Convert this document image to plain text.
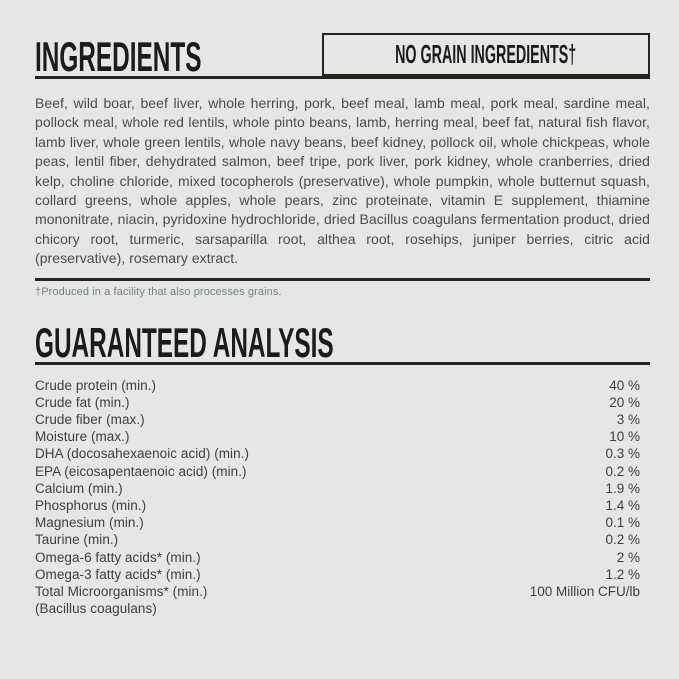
INGREDIENTS	NO GRAIN INGREDIENTS†
Beef, wild boar, beef liver, whole herring, pork, beef meal, lamb meal, pork meal, sardine meal, pollock meal, whole red lentils, whole pinto beans, lamb, herring meal, beef fat, natural fish flavor, lamb liver, whole green lentils, whole navy beans, beef kidney, pollock oil, whole chickpeas, whole peas, lentil fiber, dehydrated salmon, beef tripe, pork liver, pork kidney, whole cranberries, dried kelp, choline chloride, mixed tocopherols (preservative), whole pumpkin, whole butternut squash, collard greens, whole apples, whole pears, zinc proteinate, vitamin E supplement, thiamine mononitrate, niacin, pyridoxine hydrochloride, dried Bacillus coagulans fermentation product, dried chicory root, turmeric, sarsaparilla root, althea root, rosehips, juniper berries, citric acid (preservative), rosemary extract.
†Produced in a facility that also processes grains.
GUARANTEED ANALYSIS
Crude protein (min.)	40 %
Crude fat (min.)	20 %
Crude fiber (max.)	3 %
Moisture (max.)	10 %
DHA (docosahexaenoic acid) (min.)	0.3 %
EPA (eicosapentaenoic acid) (min.)	0.2 %
Calcium (min.)	1.9 %
Phosphorus (min.)	1.4 %
Magnesium (min.)	0.1 %
Taurine (min.)	0.2 %
Omega-6 fatty acids* (min.)	2 %
Omega-3 fatty acids* (min.)	1.2 %
Total Microorganisms* (min.)	100 Million CFU/lb
(Bacillus coagulans)
